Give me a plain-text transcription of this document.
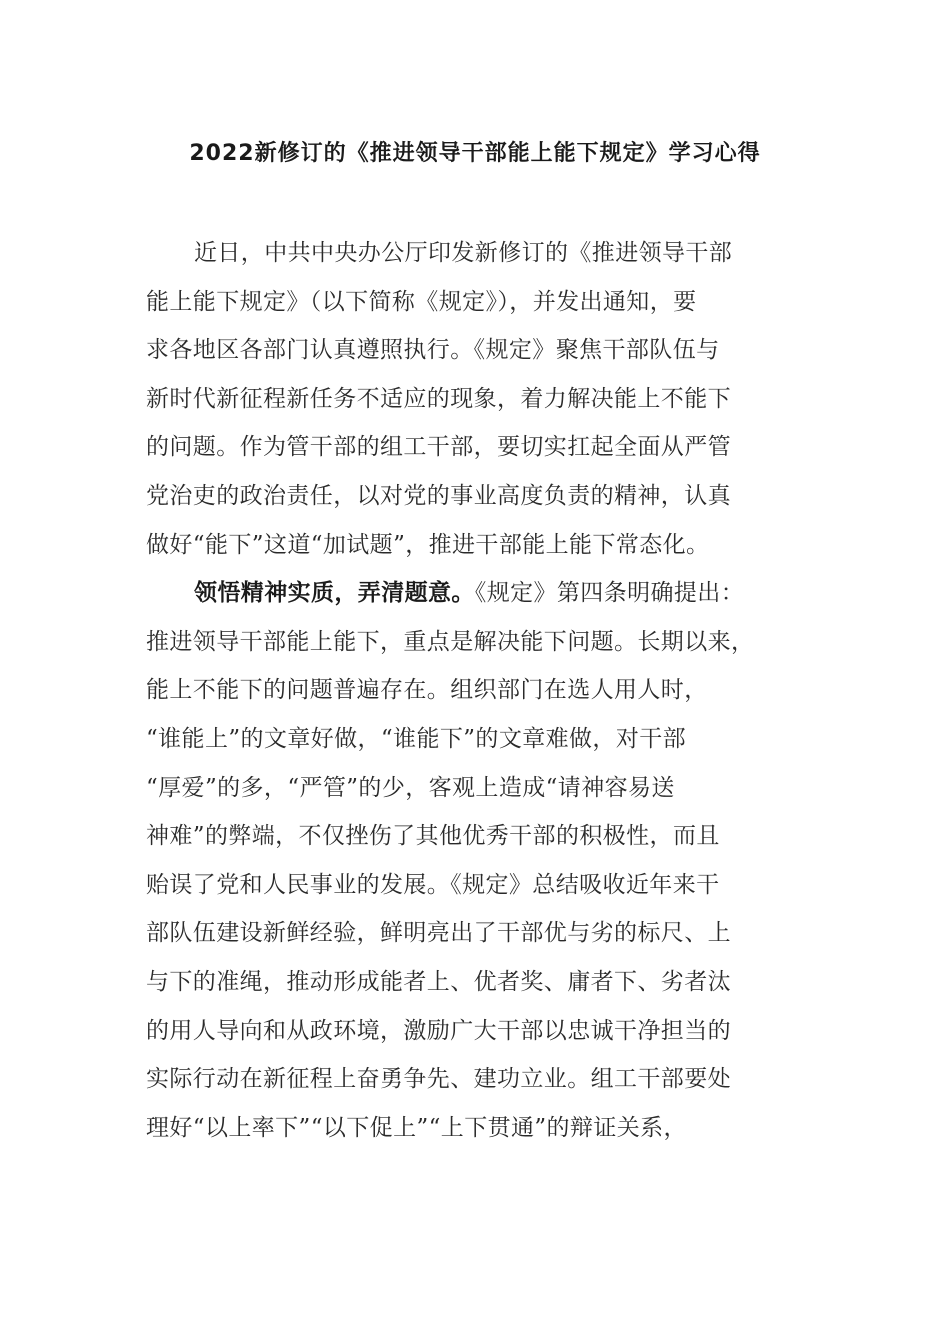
2022新修订的《推进领导干部能上能下规定》学习心得
近日，中共中央办公厅印发新修订的《推进领导干部
能上能下规定》（以下简称《规定》），并发出通知，要
求各地区各部门认真遵照执行。《规定》聚焦干部队伍与
新时代新征程新任务不适应的现象，着力解决能上不能下
的问题。作为管干部的组工干部，要切实扛起全面从严管
党治吏的政治责任，以对党的事业高度负责的精神，认真
做好“能下”这道“加试题”，推进干部能上能下常态化。
领悟精神实质，弄清题意。《规定》第四条明确提出：
推进领导干部能上能下，重点是解决能下问题。长期以来，
能上不能下的问题普遍存在。组织部门在选人用人时，
“谁能上”的文章好做，“谁能下”的文章难做，对干部
“厚爱”的多，“严管”的少，客观上造成“请神容易送
神难”的弊端，不仅挫伤了其他优秀干部的积极性，而且
贻误了党和人民事业的发展。《规定》总结吸收近年来干
部队伍建设新鲜经验，鲜明亮出了干部优与劣的标尺、上
与下的准绳，推动形成能者上、优者奖、庸者下、劣者汰
的用人导向和从政环境，激励广大干部以忠诚干净担当的
实际行动在新征程上奋勇争先、建功立业。组工干部要处
理好“以上率下”“以下促上”“上下贯通”的辩证关系，
